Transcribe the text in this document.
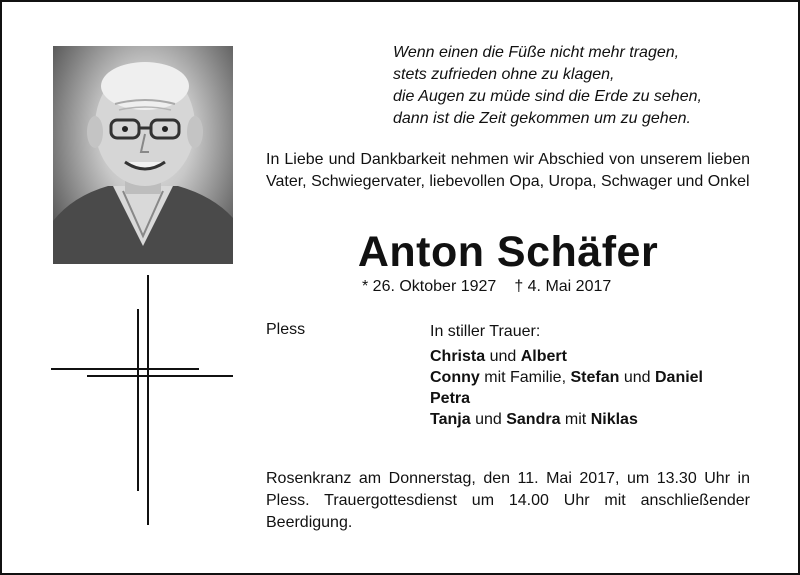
Wenn einen die Füße nicht mehr tragen,
stets zufrieden ohne zu klagen,
die Augen zu müde sind die Erde zu sehen,
dann ist die Zeit gekommen um zu gehen.
In Liebe und Dankbarkeit nehmen wir Abschied von unserem lieben Vater, Schwiegervater, liebevollen Opa, Uropa, Schwager und Onkel
Anton Schäfer
* 26. Oktober 1927 † 4. Mai 2017
Pless	In stiller Trauer:
Christa und Albert
Conny mit Familie, Stefan und Daniel
Petra
Tanja und Sandra mit Niklas
Rosenkranz am Donnerstag, den 11. Mai 2017, um 13.30 Uhr in Pless. Trauergottesdienst um 14.00 Uhr mit anschließender Beerdigung.
